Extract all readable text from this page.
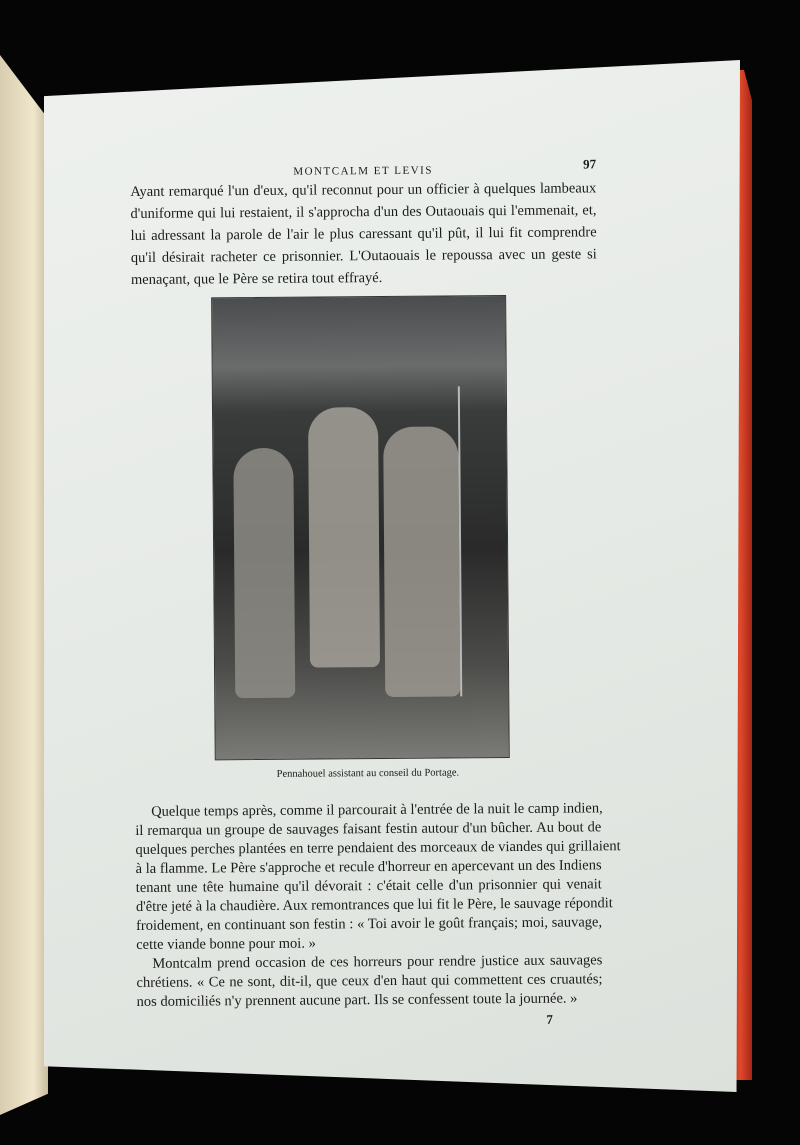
MONTCALM ET LEVIS	97
Ayant remarqué l'un d'eux, qu'il reconnut pour un officier à quelques lambeaux
d'uniforme qui lui restaient, il s'approcha d'un des Outaouais qui l'emmenait, et,
lui adressant la parole de l'air le plus caressant qu'il pût, il lui fit comprendre
qu'il désirait racheter ce prisonnier. L'Outaouais le repoussa avec un geste si
menaçant, que le Père se retira tout effrayé.
Pennahouel assistant au conseil du Portage.
Quelque temps après, comme il parcourait à l'entrée de la nuit le camp indien,
il remarqua un groupe de sauvages faisant festin autour d'un bûcher. Au bout de
quelques perches plantées en terre pendaient des morceaux de viandes qui grillaient
à la flamme. Le Père s'approche et recule d'horreur en apercevant un des Indiens
tenant une tête humaine qu'il dévorait : c'était celle d'un prisonnier qui venait
d'être jeté à la chaudière. Aux remontrances que lui fit le Père, le sauvage répondit
froidement, en continuant son festin : « Toi avoir le goût français; moi, sauvage,
cette viande bonne pour moi. »
Montcalm prend occasion de ces horreurs pour rendre justice aux sauvages
chrétiens. « Ce ne sont, dit-il, que ceux d'en haut qui commettent ces cruautés;
nos domiciliés n'y prennent aucune part. Ils se confessent toute la journée. »
7
